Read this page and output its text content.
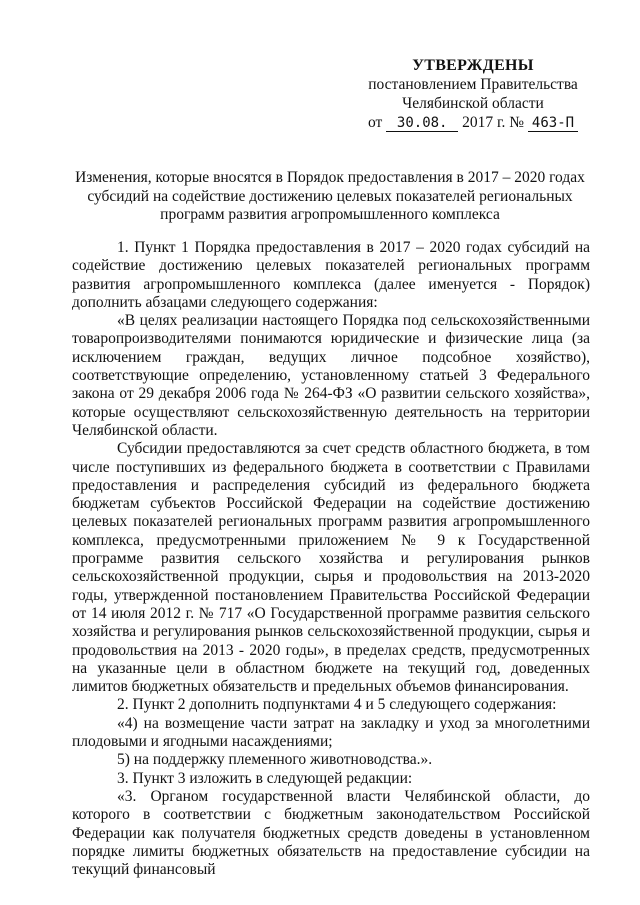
УТВЕРЖДЕНЫ
постановлением Правительства
Челябинской области
от 30.08. 2017 г. № 463-П
Изменения, которые вносятся в Порядок предоставления в 2017 – 2020 годах субсидий на содействие достижению целевых показателей региональных программ развития агропромышленного комплекса

1. Пункт 1 Порядка предоставления в 2017 – 2020 годах субсидий на содействие достижению целевых показателей региональных программ развития агропромышленного комплекса (далее именуется - Порядок) дополнить абзацами следующего содержания:

«В целях реализации настоящего Порядка под сельскохозяйственными товаропроизводителями понимаются юридические и физические лица (за исключением граждан, ведущих личное подсобное хозяйство), соответствующие определению, установленному статьей 3 Федерального закона от 29 декабря 2006 года № 264-ФЗ «О развитии сельского хозяйства», которые осуществляют сельскохозяйственную деятельность на территории Челябинской области.

Субсидии предоставляются за счет средств областного бюджета, в том числе поступивших из федерального бюджета в соответствии с Правилами предоставления и распределения субсидий из федерального бюджета бюджетам субъектов Российской Федерации на содействие достижению целевых показателей региональных программ развития агропромышленного комплекса, предусмотренными приложением № 9 к Государственной программе развития сельского хозяйства и регулирования рынков сельскохозяйственной продукции, сырья и продовольствия на 2013-2020 годы, утвержденной постановлением Правительства Российской Федерации от 14 июля 2012 г. № 717 «О Государственной программе развития сельского хозяйства и регулирования рынков сельскохозяйственной продукции, сырья и продовольствия на 2013 - 2020 годы», в пределах средств, предусмотренных на указанные цели в областном бюджете на текущий год, доведенных лимитов бюджетных обязательств и предельных объемов финансирования.

2. Пункт 2 дополнить подпунктами 4 и 5 следующего содержания:

«4) на возмещение части затрат на закладку и уход за многолетними плодовыми и ягодными насаждениями;

5) на поддержку племенного животноводства.».

3. Пункт 3 изложить в следующей редакции:

«3. Органом государственной власти Челябинской области, до которого в соответствии с бюджетным законодательством Российской Федерации как получателя бюджетных средств доведены в установленном порядке лимиты бюджетных обязательств на предоставление субсидии на текущий финансовый
